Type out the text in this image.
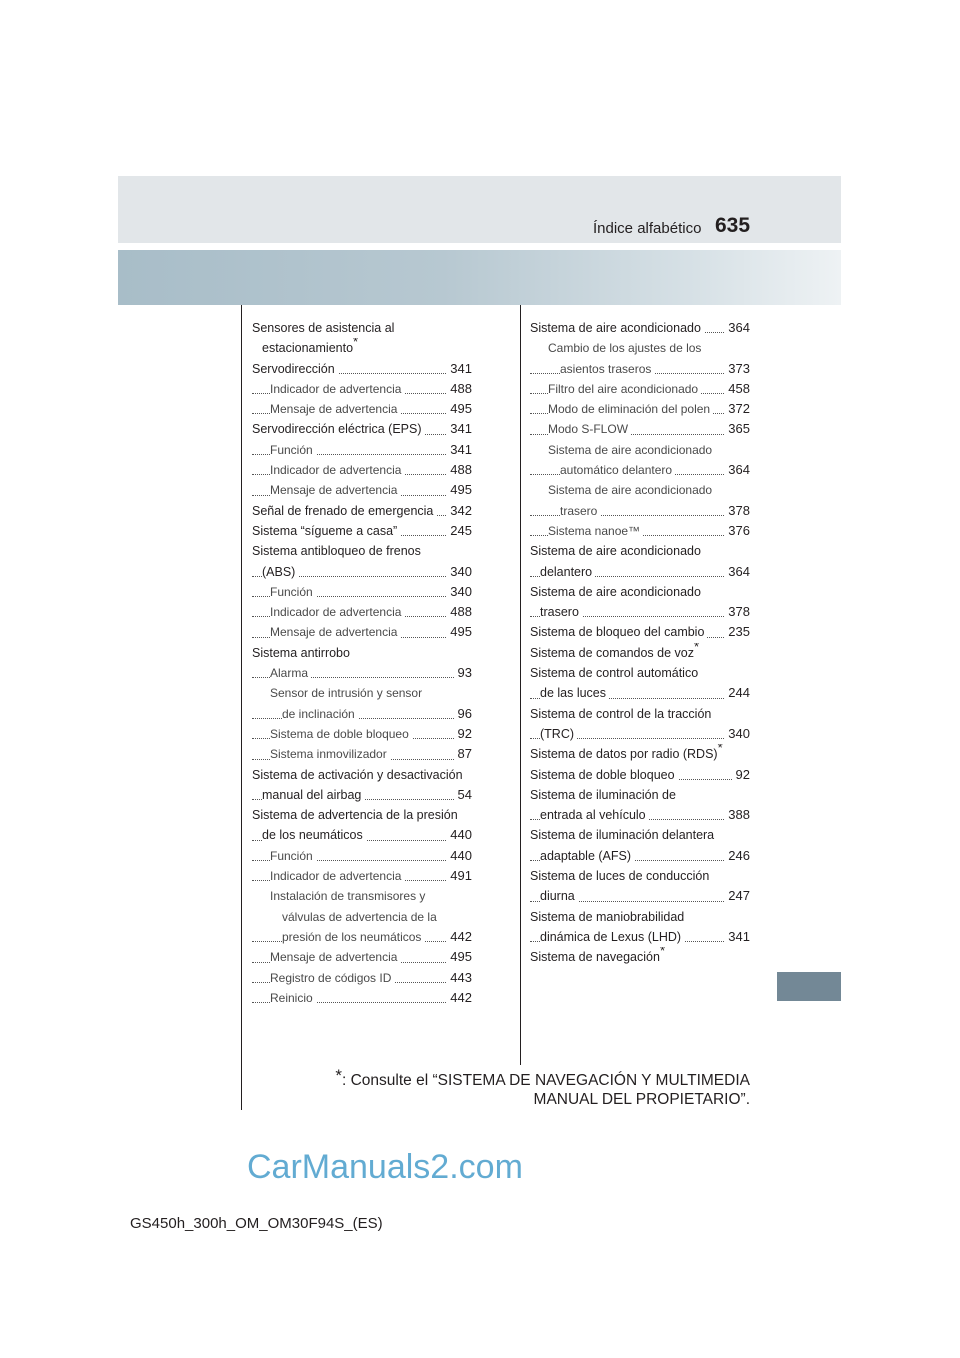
Índice alfabético 635
Sensores de asistencia al
estacionamiento*
Servodirección	341
Indicador de advertencia	488
Mensaje de advertencia	495
Servodirección eléctrica (EPS) 341
Función	341
Indicador de advertencia	488
Mensaje de advertencia	495
Señal de frenado de emergencia 342
Sistema “sígueme a casa”	245
Sistema antibloqueo de frenos
(ABS)	340
Función	340
Indicador de advertencia	488
Mensaje de advertencia	495
Sistema antirrobo
Alarma	93
Sensor de intrusión y sensor
de inclinación	96
Sistema de doble bloqueo	92
Sistema inmovilizador	87
Sistema de activación y desactivación
manual del airbag	54
Sistema de advertencia de la presión
de los neumáticos	440
Función	440
Indicador de advertencia	491
Instalación de transmisores y
válvulas de advertencia de la
presión de los neumáticos 442
Mensaje de advertencia	495
Registro de códigos ID	443
Reinicio	442
Sistema de aire acondicionado 364
Cambio de los ajustes de los
asientos traseros	373
Filtro del aire acondicionado 458
Modo de eliminación del polen 372
Modo S-FLOW	365
Sistema de aire acondicionado
automático delantero	364
Sistema de aire acondicionado
trasero	378
Sistema nanoe™	376
Sistema de aire acondicionado
delantero	364
Sistema de aire acondicionado
trasero	378
Sistema de bloqueo del cambio 235
Sistema de comandos de voz*
Sistema de control automático
de las luces	244
Sistema de control de la tracción
(TRC)	340
Sistema de datos por radio (RDS)*
Sistema de doble bloqueo	92
Sistema de iluminación de
entrada al vehículo	388
Sistema de iluminación delantera
adaptable (AFS)	246
Sistema de luces de conducción
diurna	247
Sistema de maniobrabilidad
dinámica de Lexus (LHD)	341
Sistema de navegación*
*: Consulte el “SISTEMA DE NAVEGACIÓN Y MULTIMEDIA
MANUAL DEL PROPIETARIO”.
CarManuals2.com
GS450h_300h_OM_OM30F94S_(ES)
